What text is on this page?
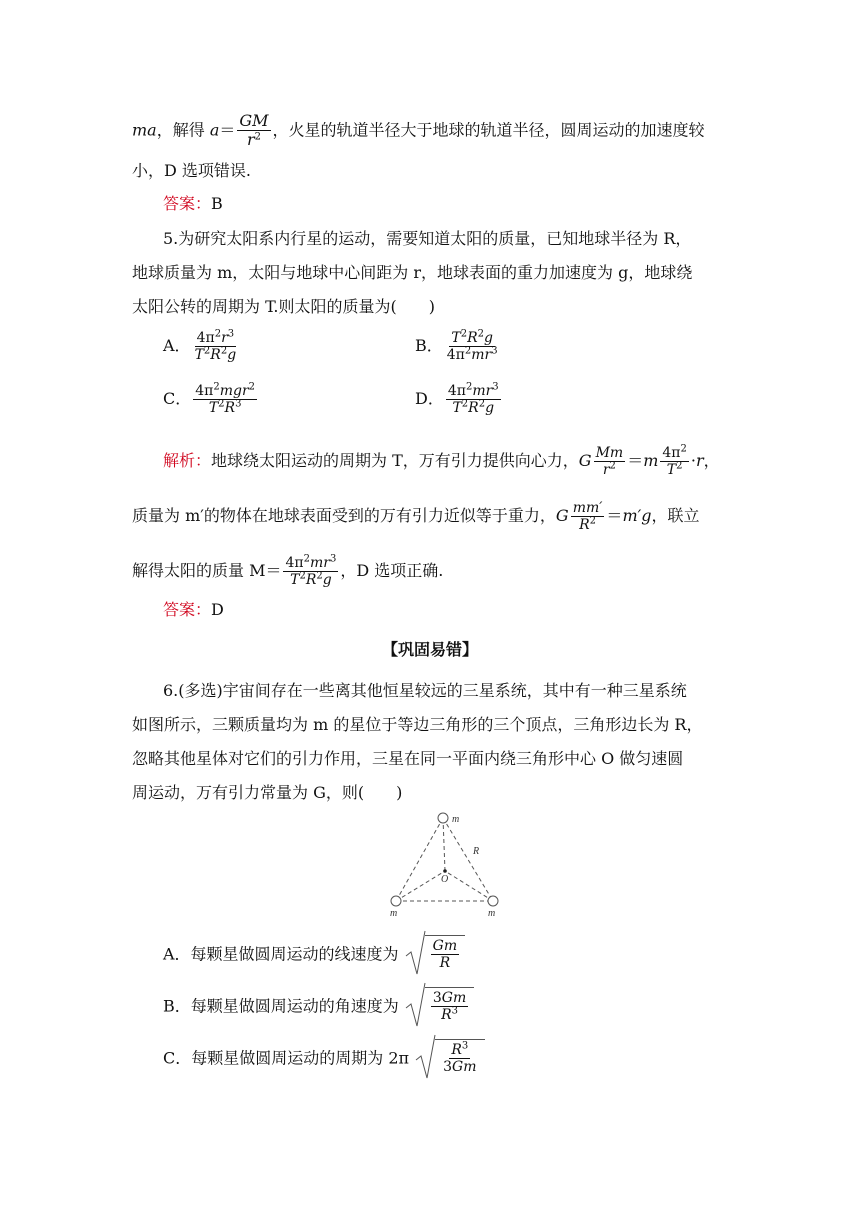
ma，解得 $a= \frac{GM}{r^2}$ ，火星的轨道半径大于地球的轨道半径，圆周运动的加速度较
小，D 选项错误.
答案：B
5.为研究太阳系内行星的运动，需要知道太阳的质量，已知地球半径为 R，
地球质量为 m，太阳与地球中心间距为 r，地球表面的重力加速度为 g，地球绕
太阳公转的周期为 T.则太阳的质量为(　　)
A． $\frac{4\pi^2r^3}{T^2R^2g}$	B． $\frac{T^2R^2g}{4\pi^2mr^3}$
C． $\frac{4\pi^2mgr^2}{T^2R^3}$	D． $\frac{4\pi^2mr^3}{T^2R^2g}$
解析：地球绕太阳运动的周期为 T，万有引力提供向心力，G $\frac{Mm}{r^2} =m \frac{4\pi^2}{T^2} \cdot r$，
质量为 m′的物体在地球表面受到的万有引力近似等于重力，G $\frac{mm'}{R^2} =m'g$，联立
解得太阳的质量 $M= \frac{4\pi^2mr^3}{T^2R^2g}$ ，D 选项正确.
答案：D
【巩固易错】
6.(多选)宇宙间存在一些离其他恒星较远的三星系统，其中有一种三星系统
如图所示，三颗质量均为 m 的星位于等边三角形的三个顶点，三角形边长为 R，
忽略其他星体对它们的引力作用，三星在同一平面内绕三角形中心 O 做匀速圆
周运动，万有引力常量为 G，则(　　)
m
m	m
R
O
A．每颗星做圆周运动的线速度为 $\frac{Gm}{R}$
B．每颗星做圆周运动的角速度为 $\frac{3Gm}{R^3}$
C．每颗星做圆周运动的周期为 $2\pi \frac{R^3}{3Gm}$
